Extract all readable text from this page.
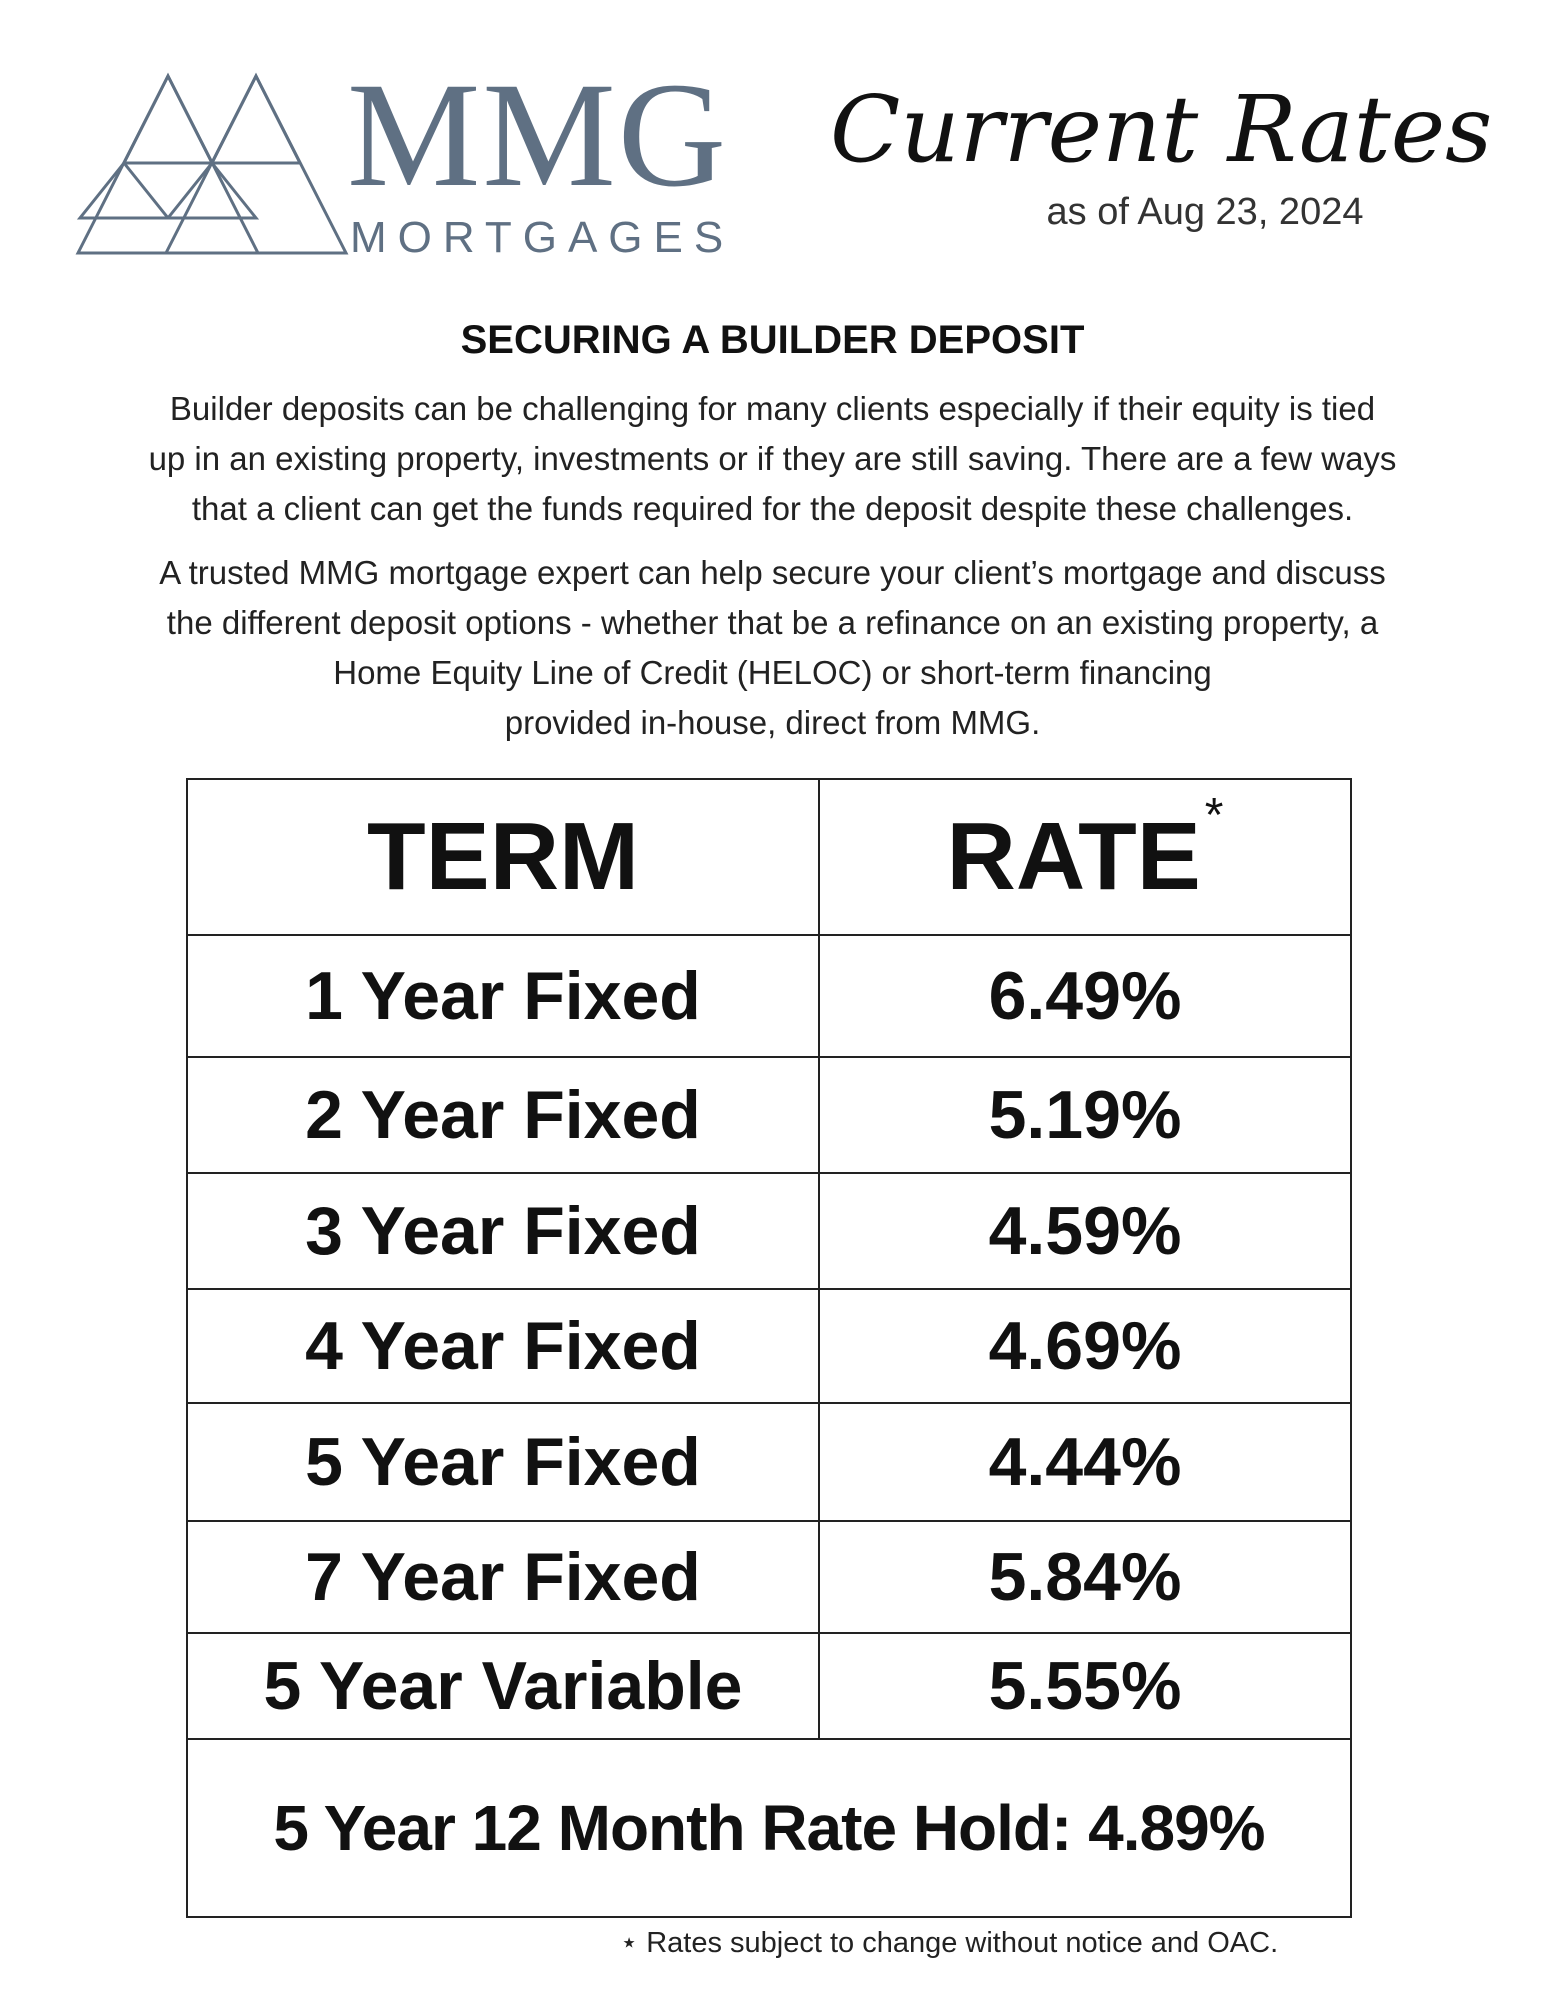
MMG
MORTGAGES
Current Rates
as of Aug 23, 2024
SECURING A BUILDER DEPOSIT
Builder deposits can be challenging for many clients especially if their equity is tied
up in an existing property, investments or if they are still saving. There are a few ways
that a client can get the funds required for the deposit despite these challenges.
A trusted MMG mortgage expert can help secure your client’s mortgage and discuss
the different deposit options - whether that be a refinance on an existing property, a
Home Equity Line of Credit (HELOC) or short-term financing
provided in-house, direct from MMG.
TERM	RATE *
1 Year Fixed	6.49%
2 Year Fixed	5.19%
3 Year Fixed	4.59%
4 Year Fixed	4.69%
5 Year Fixed	4.44%
7 Year Fixed	5.84%
5 Year Variable	5.55%
5 Year 12 Month Rate Hold: 4.89%
⋆ Rates subject to change without notice and OAC.
